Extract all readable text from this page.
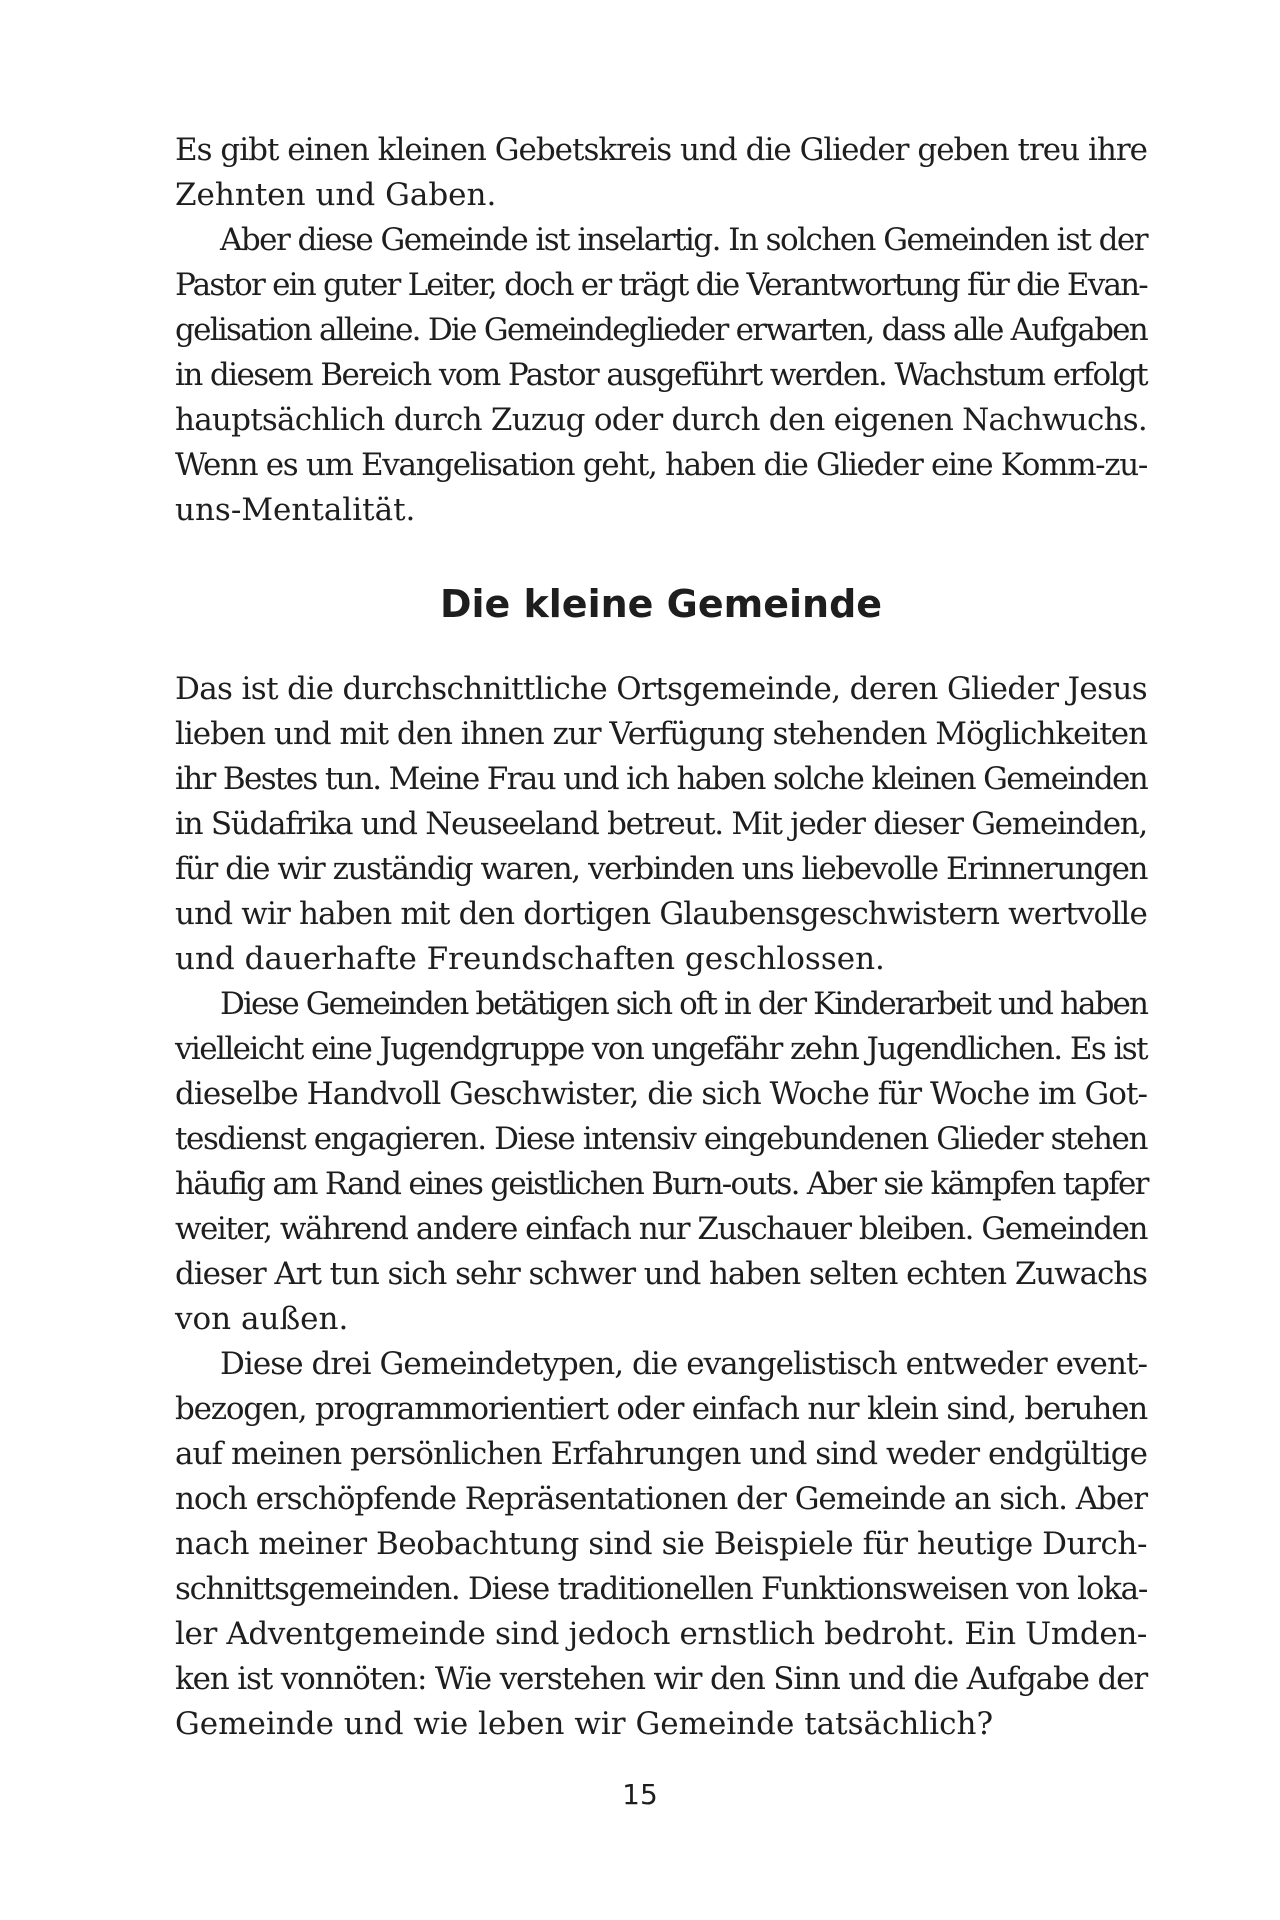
Es gibt einen kleinen Gebetskreis und die Glieder geben treu ihre
Zehnten und Gaben.
Aber diese Gemeinde ist inselartig. In solchen Gemeinden ist der
Pastor ein guter Leiter, doch er trägt die Verantwortung für die Evan-
gelisation alleine. Die Gemeindeglieder erwarten, dass alle Aufgaben
in diesem Bereich vom Pastor ausgeführt werden. Wachstum erfolgt
hauptsächlich durch Zuzug oder durch den eigenen Nachwuchs.
Wenn es um Evangelisation geht, haben die Glieder eine Komm-zu-
uns-Mentalität.
Die kleine Gemeinde
Das ist die durchschnittliche Ortsgemeinde, deren Glieder Jesus
lieben und mit den ihnen zur Verfügung stehenden Möglichkeiten
ihr Bestes tun. Meine Frau und ich haben solche kleinen Gemeinden
in Südafrika und Neuseeland betreut. Mit jeder dieser Gemeinden,
für die wir zuständig waren, verbinden uns liebevolle Erinnerungen
und wir haben mit den dortigen Glaubensgeschwistern wertvolle
und dauerhafte Freundschaften geschlossen.
Diese Gemeinden betätigen sich oft in der Kinderarbeit und haben
vielleicht eine Jugendgruppe von ungefähr zehn Jugendlichen. Es ist
dieselbe Handvoll Geschwister, die sich Woche für Woche im Got-
tesdienst engagieren. Diese intensiv eingebundenen Glieder stehen
häufig am Rand eines geistlichen Burn-outs. Aber sie kämpfen tapfer
weiter, während andere einfach nur Zuschauer bleiben. Gemeinden
dieser Art tun sich sehr schwer und haben selten echten Zuwachs
von außen.
Diese drei Gemeindetypen, die evangelistisch entweder event-
bezogen, programmorientiert oder einfach nur klein sind, beruhen
auf meinen persönlichen Erfahrungen und sind weder endgültige
noch erschöpfende Repräsentationen der Gemeinde an sich. Aber
nach meiner Beobachtung sind sie Beispiele für heutige Durch-
schnittsgemeinden. Diese traditionellen Funktionsweisen von loka-
ler Adventgemeinde sind jedoch ernstlich bedroht. Ein Umden-
ken ist vonnöten: Wie verstehen wir den Sinn und die Aufgabe der
Gemeinde und wie leben wir Gemeinde tatsächlich?
15
